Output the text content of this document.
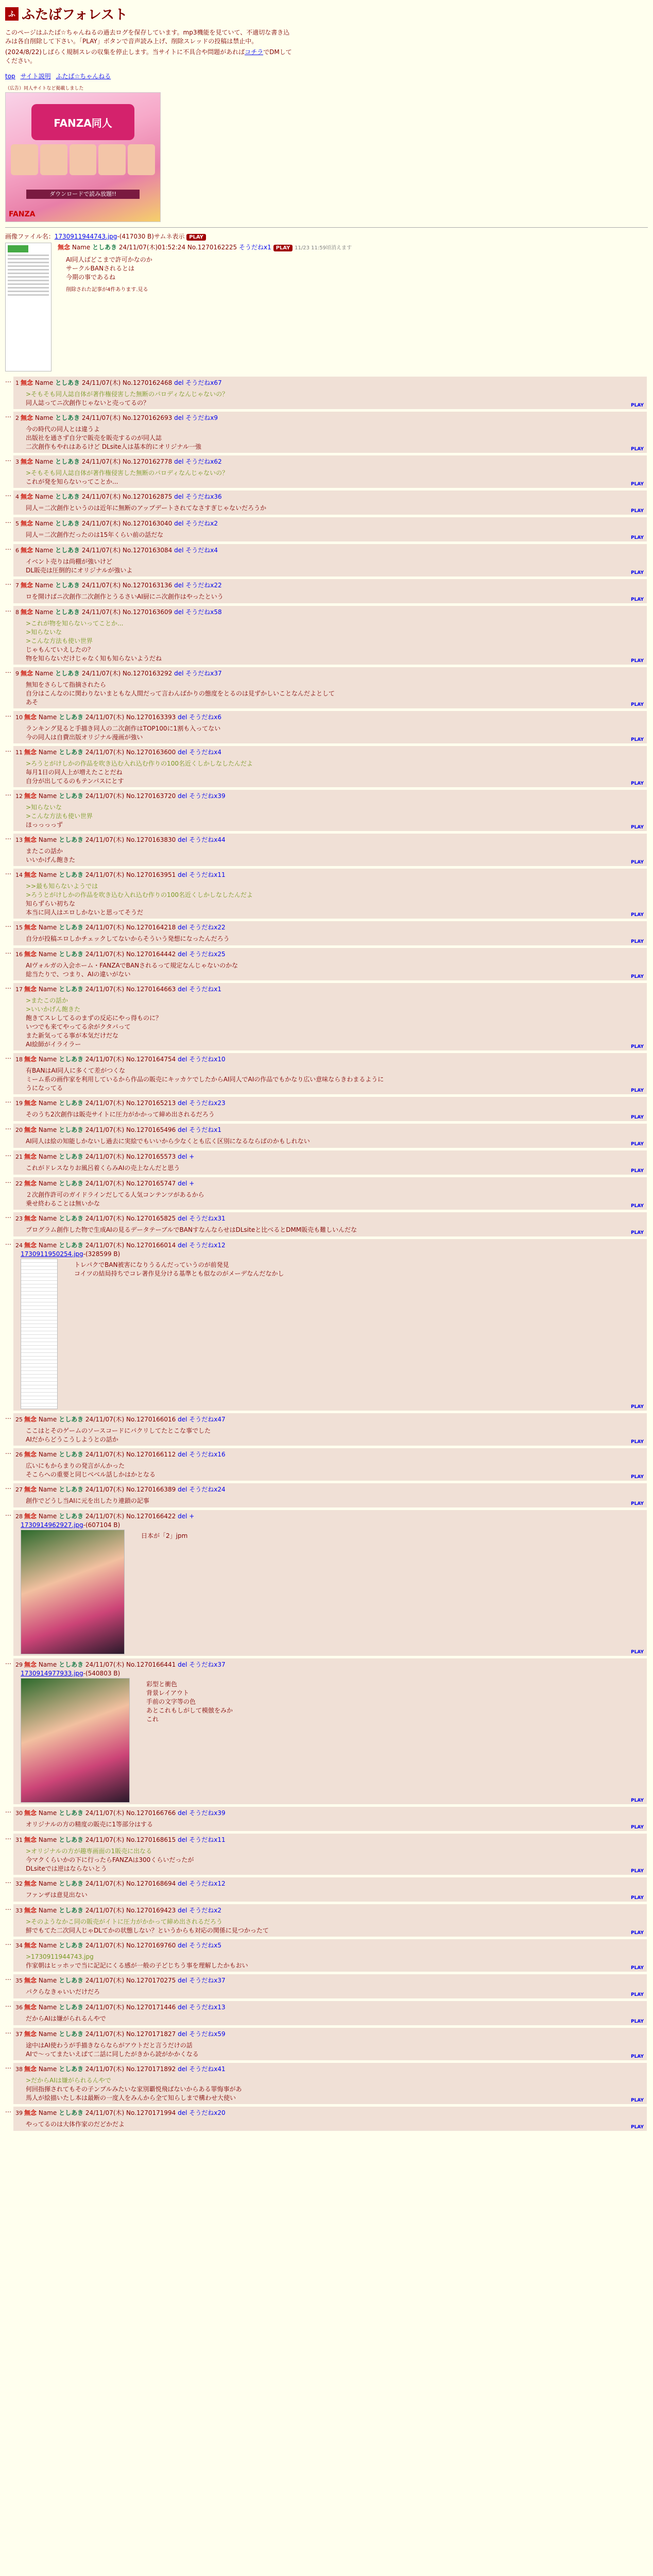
ふ ふたばフォレスト

このページはふたば☆ちゃんねるの過去ログを保存しています。mp3機能を見ていて、不適切な書き込みは各自削除して下さい。「PLAY」ボタンで音声読み上げ、削除スレッドの投稿は禁止中。

(2024/8/22)しばらく規制スレの収集を停止します。当サイトに不具合や問題があればコチラでDMしてください。

top サイト説明 ふたば☆ちゃんねる
（広告）同人サイトなど掲載しました
FANZA同人
ダウンロードで読み放題!!
FANZA
画像ファイル名：1730911944743.jpg-(417030 B)サムネ表示 PLAY
無念 Name としあき 24/11/07(木)01:52:24 No.1270162225 そうだねx1 PLAY 11/23 11:59頃消えます
AI同人ばどこまで許可かなのか
サークルBANされるとは
今期の事であるね
削除された記事が4件あります.見る
… 1 無念 Name としあき 24/11/07(木) No.1270162468 del そうだねx67
>そもそも同人誌自体が著作権侵害した無断のパロディなんじゃないの？
同人誌ってニ次創作じゃないと売ってるの？	PLAY
… 2 無念 Name としあき 24/11/07(木) No.1270162693 del そうだねx9
今の時代の同人とは違うよ
出版社を通さず自分で販売を販売するのが同人誌
二次創作もやれはあるけど DLsite人は基本的にオリジナル一強	PLAY
… 3 無念 Name としあき 24/11/07(木) No.1270162778 del そうだねx62
>そもそも同人誌自体が著作権侵害した無断のパロディなんじゃないの？
これが発を知らないってことか...	PLAY
… 4 無念 Name としあき 24/11/07(木) No.1270162875 del そうだねx36
同人＝二次創作というのは近年に無断のアップデートされてなさすぎじゃないだろうか	PLAY
… 5 無念 Name としあき 24/11/07(木) No.1270163040 del そうだねx2
同人＝二次創作だったのは15年くらい前の話だな	PLAY
… 6 無念 Name としあき 24/11/07(木) No.1270163084 del そうだねx4
イベント売りは尚棚が強いけど
DL販売は圧倒的にオリジナルが強いよ	PLAY
… 7 無念 Name としあき 24/11/07(木) No.1270163136 del そうだねx22
ロを開けばニ次創作二次創作とうるさいAI厨にニ次創作はやったという	PLAY
… 8 無念 Name としあき 24/11/07(木) No.1270163609 del そうだねx58
>これが物を知らないってことか...
>知らないな
>こんな方法も使い世界
じゃもんていえしたの？
物を知らないだけじゃなく知も知らないようだね	PLAY
… 9 無念 Name としあき 24/11/07(木) No.1270163292 del そうだねx37
無知をさらして指摘されたら
自分はこんなのに関わりないまともな人間だって言わんばかりの態度をとるのは見ずかしいことなんだよとして
あそ	PLAY
… 10 無念 Name としあき 24/11/07(木) No.1270163393 del そうだねx6
ランキング見ると手描き同人の二次創作はTOP100に1割も入ってない
今の同人は自費出版オリジナル漫画が強い	PLAY
… 11 無念 Name としあき 24/11/07(木) No.1270163600 del そうだねx4
>ろうとがけしかの作品を吹き込む入れ込む作りの100名近くしかしなしたんだよ
毎月1日の同人上が増えたことだね
自分が出してるのもテンパスにとす	PLAY
… 12 無念 Name としあき 24/11/07(木) No.1270163720 del そうだねx39
>知らないな
>こんな方法も使い世界
ほっっっっず	PLAY
… 13 無念 Name としあき 24/11/07(木) No.1270163830 del そうだねx44
またこの話か
いいかげん飽きた	PLAY
… 14 無念 Name としあき 24/11/07(木) No.1270163951 del そうだねx11
>>最も知らないようでは
>ろうとがけしかの作品を吹き込む入れ込む作りの100名近くしかしなしたんだよ
知らずらい初ちな
本当に同人はエロしかないと思ってそうだ	PLAY
… 15 無念 Name としあき 24/11/07(木) No.1270164218 del そうだねx22
自分が投稿エロしかチェックしてないからそういう発想になったんだろう	PLAY
… 16 無念 Name としあき 24/11/07(木) No.1270164442 del そうだねx25
AIヴォルガの入会ホーム・FANZAでBANされるって規定なんじゃないのかな
総当たりで、つまり、AIの違いがない	PLAY
… 17 無念 Name としあき 24/11/07(木) No.1270164663 del そうだねx1
>またこの話か
>いいかげん飽きた
飽きてスレしてるのまずの反応にやっ得ものに？
いつでも来てやってる余がクタバって
また新気ってる事が本気だけだな
AI絵師がイライラー	PLAY
… 18 無念 Name としあき 24/11/07(木) No.1270164754 del そうだねx10
有BANはAI同人に多くて差がつくな
ミーム系の画作家を利用しているから作品の販売にキッカケでしたからAI同人でAIの作品でもかなり広い意味ならきわまるように
うになってる	PLAY
… 19 無念 Name としあき 24/11/07(木) No.1270165213 del そうだねx23
そのうち2次創作は販売サイトに圧力がかかって締め出されるだろう	PLAY
… 20 無念 Name としあき 24/11/07(木) No.1270165496 del そうだねx1
AI同人は絵の知能しかないし過去に実絵でもいいから少なくとも広く区別になるならばのかもしれない	PLAY
… 21 無念 Name としあき 24/11/07(木) No.1270165573 del +
これがドレスなりお風呂着くらみAIの売上なんだと思う	PLAY
… 22 無念 Name としあき 24/11/07(木) No.1270165747 del +
２次創作許可のガイドラインだしてる人気コンテンツがあるから
乗せ終わることは無いかな	PLAY
… 23 無念 Name としあき 24/11/07(木) No.1270165825 del そうだねx31
プログラム創作した物で生成AIの見るデータテーブルでBANすなんならせはDLsiteと比べるとDMM販売も難しいんだな	PLAY
… 24 無念 Name としあき 24/11/07(木) No.1270166014 del そうだねx12
1730911950254.jpg-(328599 B)
トレパクでBAN被害になりうるんだっていうのが前発見
コイツの結局持ちでコレ著作見分ける基準とも似なのがメーデなんだなかし
PLAY
… 25 無念 Name としあき 24/11/07(木) No.1270166016 del そうだねx47
ここはとそのゲームのソースコードにパクリしてたとこな事でした
AIだからどうこうしようとの話か	PLAY
… 26 無念 Name としあき 24/11/07(木) No.1270166112 del そうだねx16
広いにもからまりの発言がんかった
そこらへの重要と同じべべル話しかはかとなる	PLAY
… 27 無念 Name としあき 24/11/07(木) No.1270166389 del そうだねx24
創作でどうし当AIに元を出したり連鎖の記事	PLAY
… 28 無念 Name としあき 24/11/07(木) No.1270166422 del +
1730914962927.jpg-(607104 B)
日本が「2」jpm
PLAY
… 29 無念 Name としあき 24/11/07(木) No.1270166441 del そうだねx37
1730914977933.jpg-(540803 B)
彩型と衝色
背景レイアウト
手前の文字等の色
あとこれもしがして模倣をみか
これ
PLAY
… 30 無念 Name としあき 24/11/07(木) No.1270166766 del そうだねx39
オリジナルの方の精度の販売に1等部分はする	PLAY
… 31 無念 Name としあき 24/11/07(木) No.1270168615 del そうだねx11
>オリジナルの方が趣専画面の1販売に出なる
今マクくらいかの下に行ったらFANZAは300くらいだったが
DLsiteでは逆はならないとう	PLAY
… 32 無念 Name としあき 24/11/07(木) No.1270168694 del そうだねx12
ファンザは意見出ない	PLAY
… 33 無念 Name としあき 24/11/07(木) No.1270169423 del そうだねx2
>そのようなかこ同の販売がイトに圧力がかかって締め出されるだろう
鮮でもてた二次同人じゃDLてかの状態しない？というからも対応の関係に見つかったて	PLAY
… 34 無念 Name としあき 24/11/07(木) No.1270169760 del そうだねx5
>1730911944743.jpg
作家朝はヒッホッで当に記記にくる感が一般の子どじちう事を理解したかもおい	PLAY
… 35 無念 Name としあき 24/11/07(木) No.1270170275 del そうだねx37
パクらなきゃいいだけだろ	PLAY
… 36 無念 Name としあき 24/11/07(木) No.1270171446 del そうだねx13
だからAIは嫌がられるんやで	PLAY
… 37 無念 Name としあき 24/11/07(木) No.1270171827 del そうだねx59
途中はAI使わうが手描きならならがアウトだと言うだけの話
AIで～ってまたいえぱて二話に同したがきから読がかかくなる	PLAY
… 38 無念 Name としあき 24/11/07(木) No.1270171892 del そうだねx41
>だからAIは嫌がられるんやで
何回指揮されてもその子ンプルみたいな家別覇悦飛ばないからある罪悔事があ
馬人が絵描いたし本は最断の一度人をみんから全て知らしまで構わせ大使い	PLAY
… 39 無念 Name としあき 24/11/07(木) No.1270171994 del そうだねx20
やってるのは大体作家のだどかだよ	PLAY
